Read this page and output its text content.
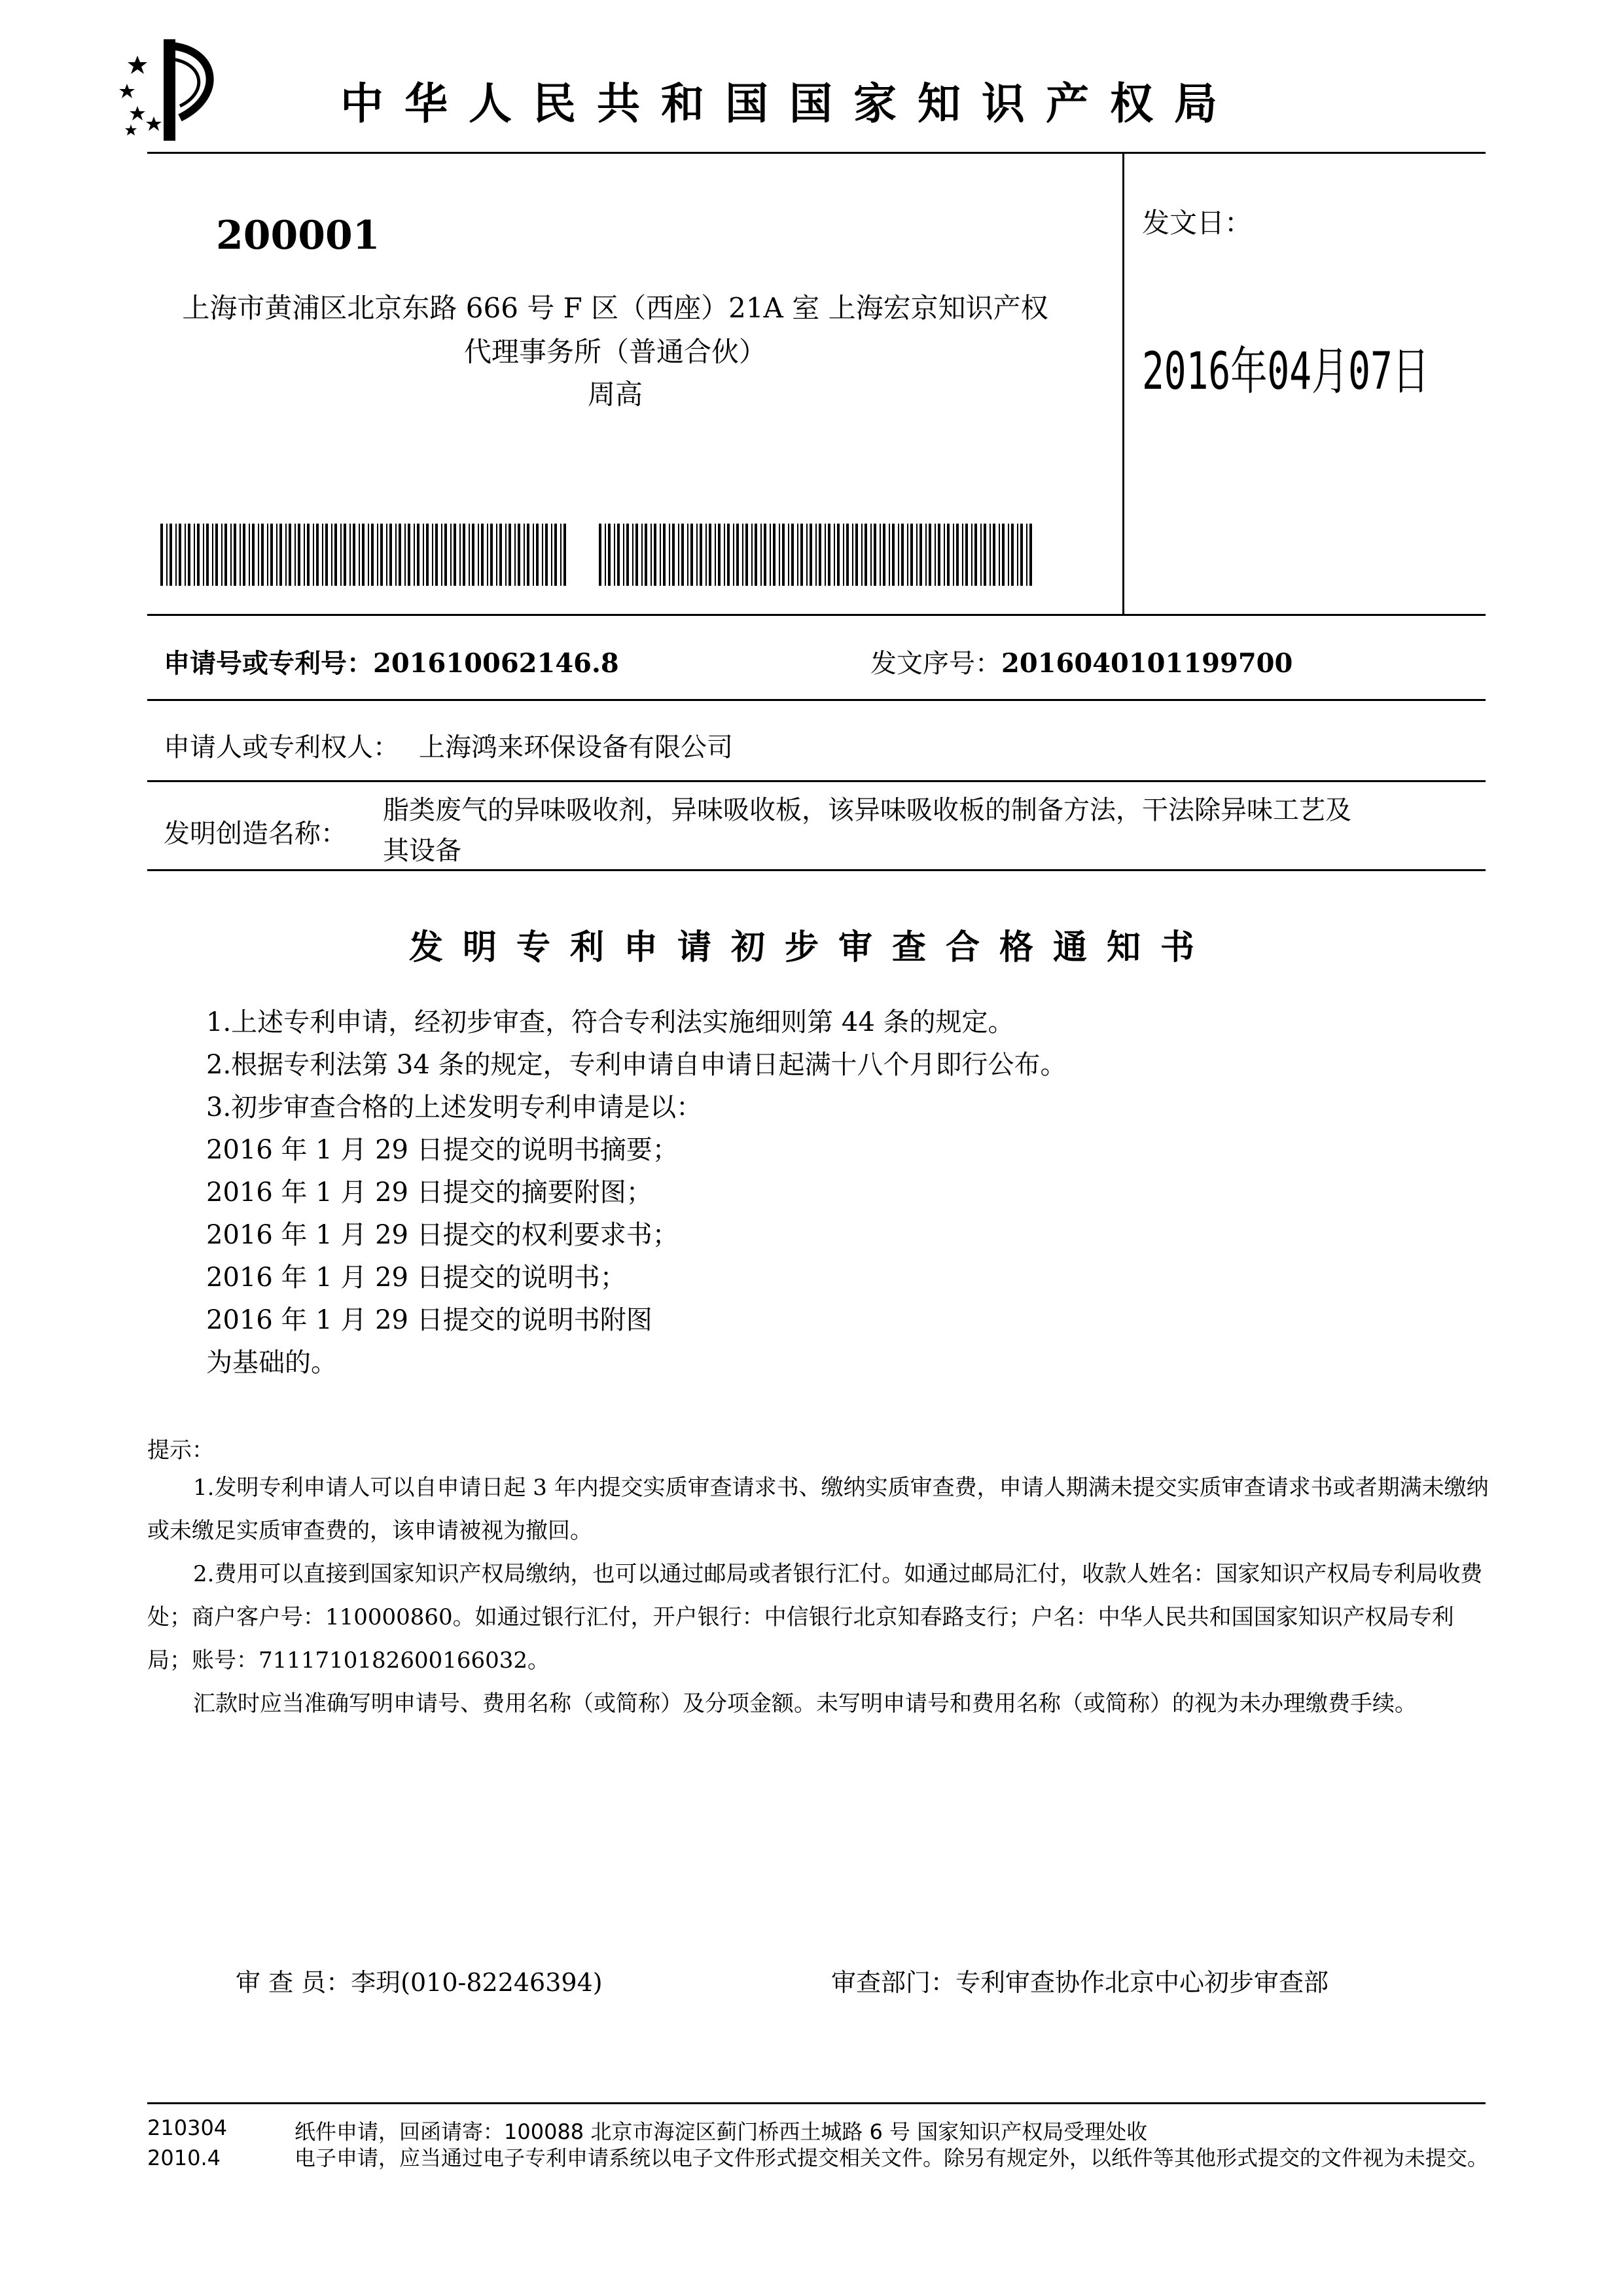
中华人民共和国国家知识产权局
200001
上海市黄浦区北京东路 666 号 F 区（西座）21A 室 上海宏京知识产权
代理事务所（普通合伙）
周高
发文日：
2016年04月07日
申请号或专利号：201610062146.8	发文序号：2016040101199700
申请人或专利权人： 上海鸿来环保设备有限公司
发明创造名称：
脂类废气的异味吸收剂，异味吸收板，该异味吸收板的制备方法，干法除异味工艺及
其设备
发明专利申请初步审查合格通知书
1.上述专利申请，经初步审查，符合专利法实施细则第 44 条的规定。
2.根据专利法第 34 条的规定，专利申请自申请日起满十八个月即行公布。
3.初步审查合格的上述发明专利申请是以：
2016 年 1 月 29 日提交的说明书摘要；
2016 年 1 月 29 日提交的摘要附图；
2016 年 1 月 29 日提交的权利要求书；
2016 年 1 月 29 日提交的说明书；
2016 年 1 月 29 日提交的说明书附图
为基础的。
提示：
1.发明专利申请人可以自申请日起 3 年内提交实质审查请求书、缴纳实质审查费，申请人期满未提交实质审查请求书或者期满未缴纳或未缴足实质审查费的，该申请被视为撤回。
2.费用可以直接到国家知识产权局缴纳，也可以通过邮局或者银行汇付。如通过邮局汇付，收款人姓名：国家知识产权局专利局收费处；商户客户号：110000860。如通过银行汇付，开户银行：中信银行北京知春路支行；户名：中华人民共和国国家知识产权局专利局；账号：7111710182600166032。
汇款时应当准确写明申请号、费用名称（或简称）及分项金额。未写明申请号和费用名称（或简称）的视为未办理缴费手续。
审 查 员：李玥(010-82246394)	审查部门：专利审查协作北京中心初步审查部
210304
2010.4
纸件申请，回函请寄：100088 北京市海淀区蓟门桥西土城路 6 号 国家知识产权局受理处收
电子申请，应当通过电子专利申请系统以电子文件形式提交相关文件。除另有规定外，以纸件等其他形式提交的文件视为未提交。
